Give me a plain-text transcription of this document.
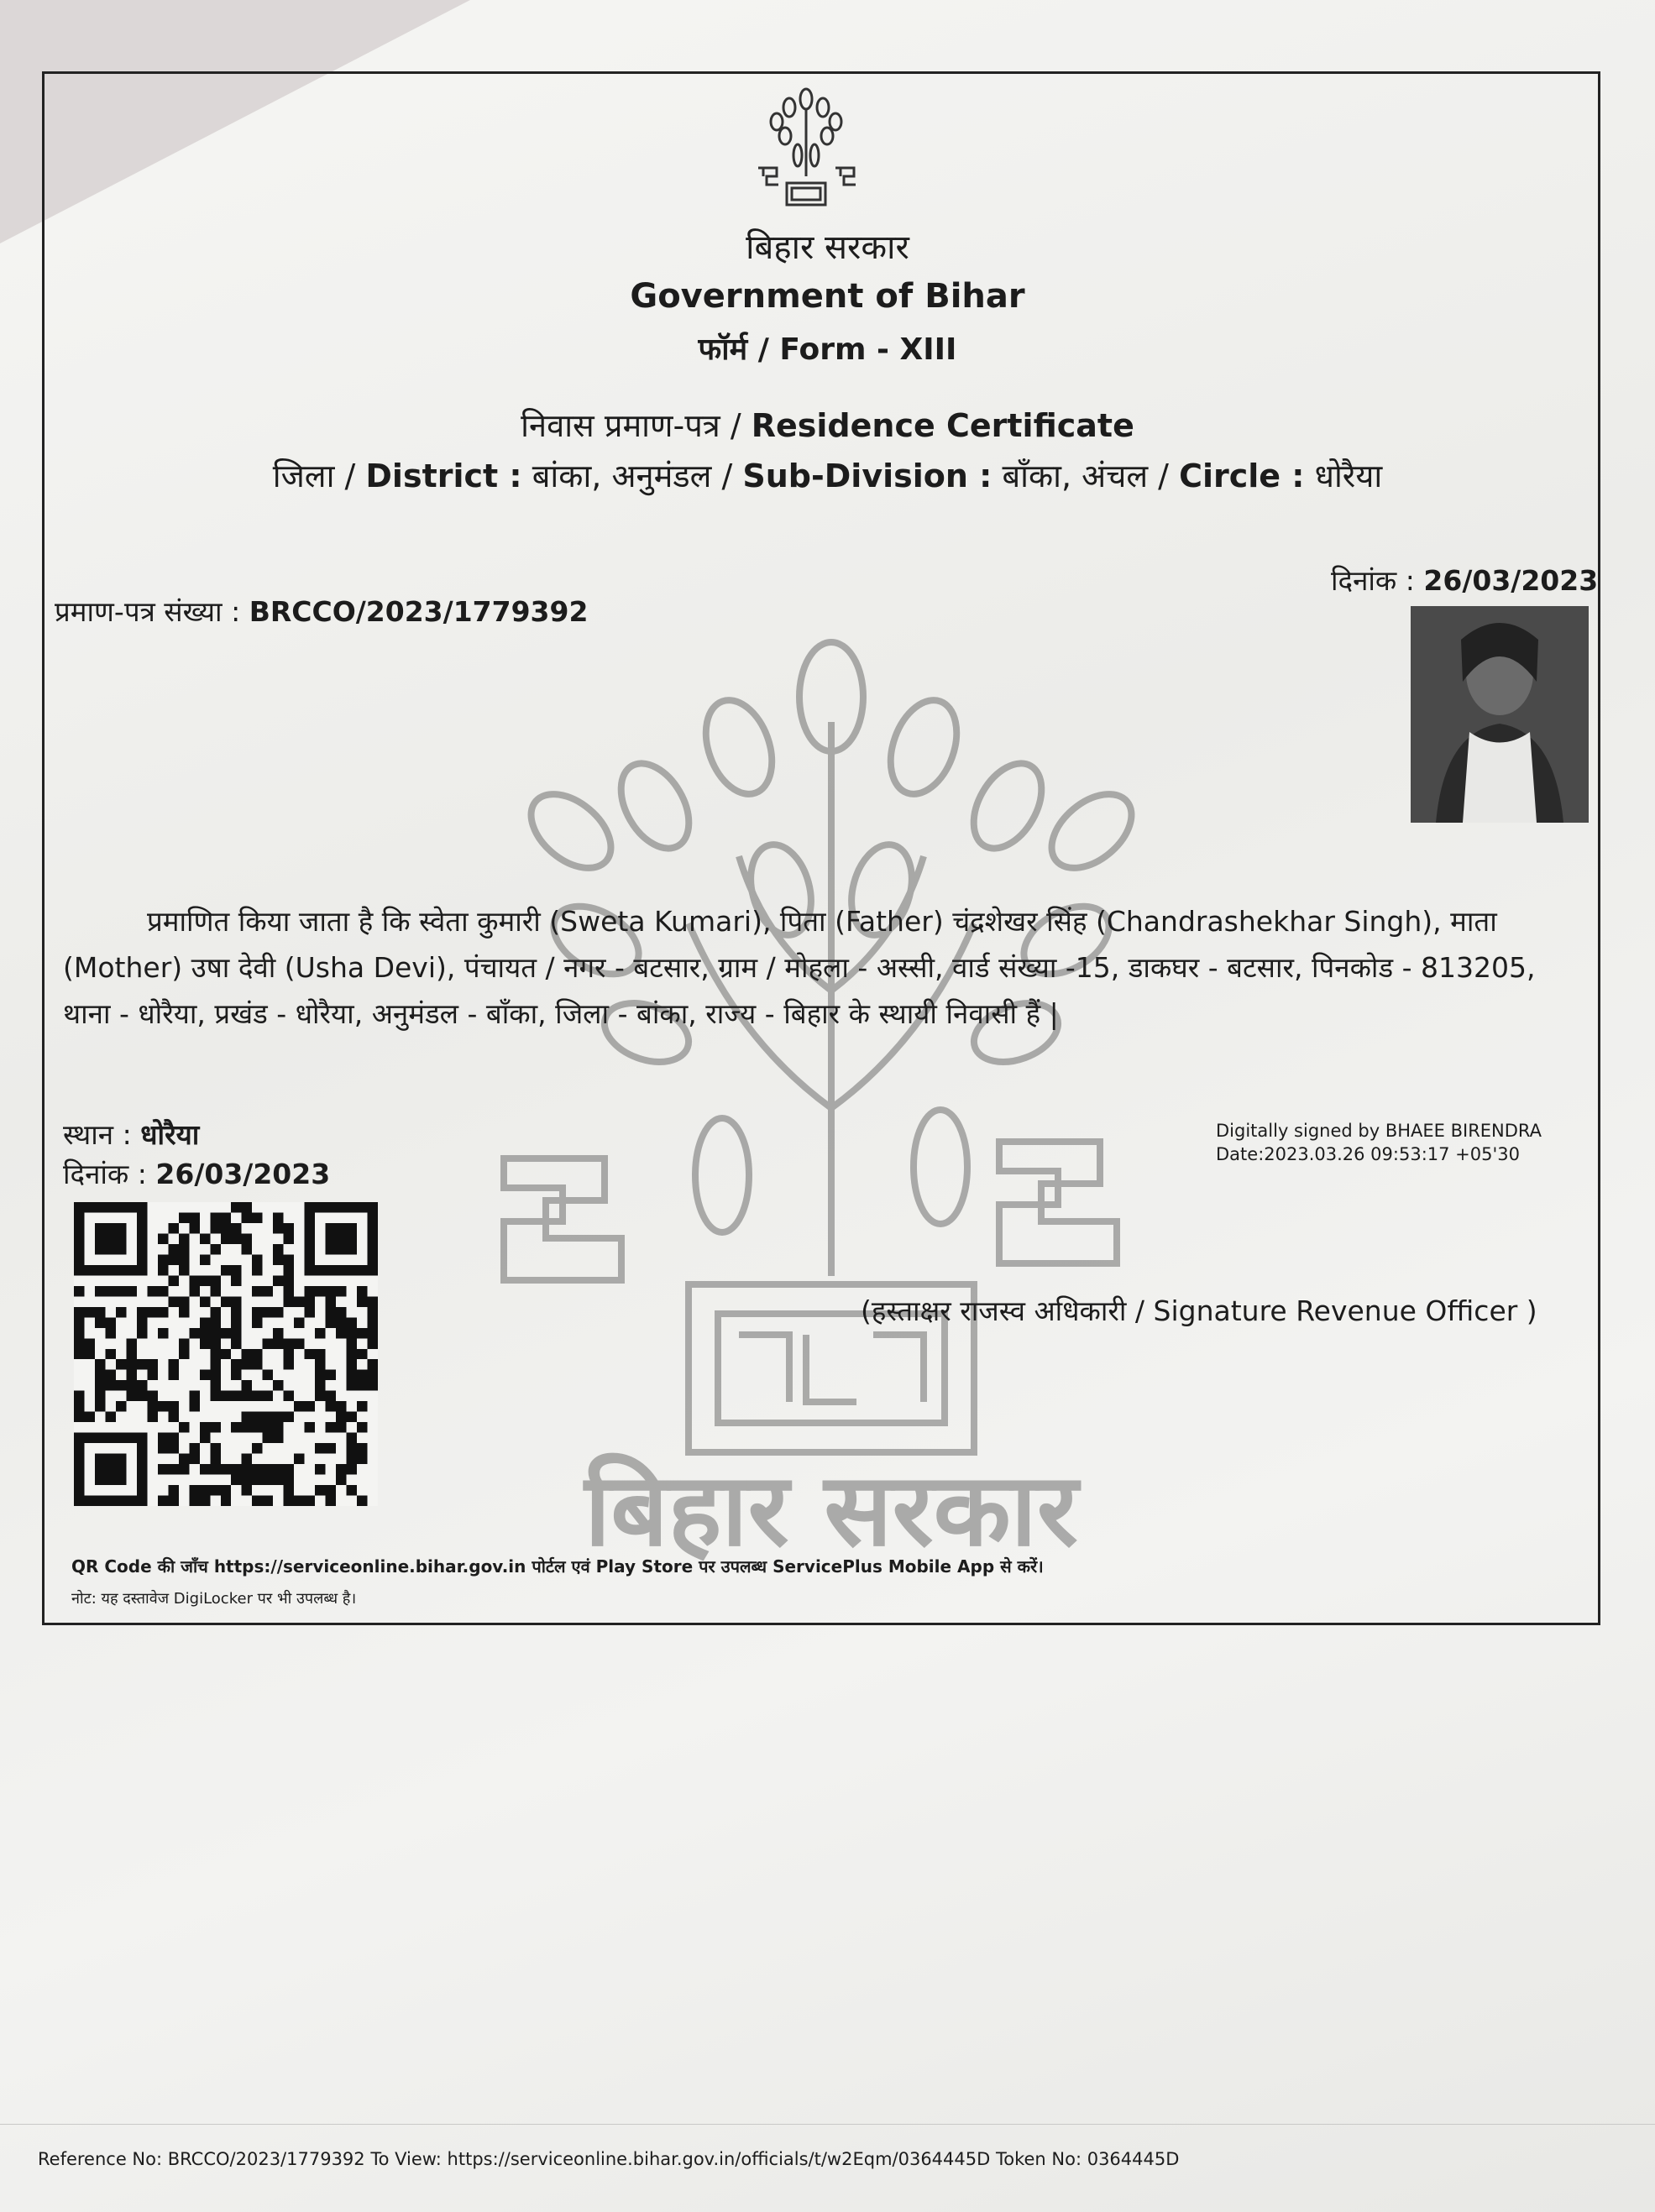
बिहार सरकार
Government of Bihar
फॉर्म / Form - XIII
निवास प्रमाण-पत्र / Residence Certificate
जिला / District : बांका, अनुमंडल / Sub-Division : बाँका, अंचल / Circle : धोरैया
दिनांक : 26/03/2023
प्रमाण-पत्र संख्या : BRCCO/2023/1779392
बिहार सरकार
प्रमाणित किया जाता है कि स्वेता कुमारी (Sweta Kumari), पिता (Father) चंद्रशेखर सिंह (Chandrashekhar Singh), माता (Mother) उषा देवी (Usha Devi), पंचायत / नगर - बटसार, ग्राम / मोहला - अस्सी, वार्ड संख्या -15, डाकघर - बटसार, पिनकोड - 813205, थाना - धोरैया, प्रखंड - धोरैया, अनुमंडल - बाँका, जिला - बांका, राज्य - बिहार के स्थायी निवासी हैं |
स्थान : धोरैया
दिनांक : 26/03/2023
Digitally signed by BHAEE BIRENDRA
Date:2023.03.26 09:53:17 +05'30
(हस्ताक्षर राजस्व अधिकारी / Signature Revenue Officer )
QR Code की जाँच https://serviceonline.bihar.gov.in पोर्टल एवं Play Store पर उपलब्ध ServicePlus Mobile App से करें।
नोट: यह दस्तावेज DigiLocker पर भी उपलब्ध है।
Reference No: BRCCO/2023/1779392 To View: https://serviceonline.bihar.gov.in/officials/t/w2Eqm/0364445D Token No: 0364445D
